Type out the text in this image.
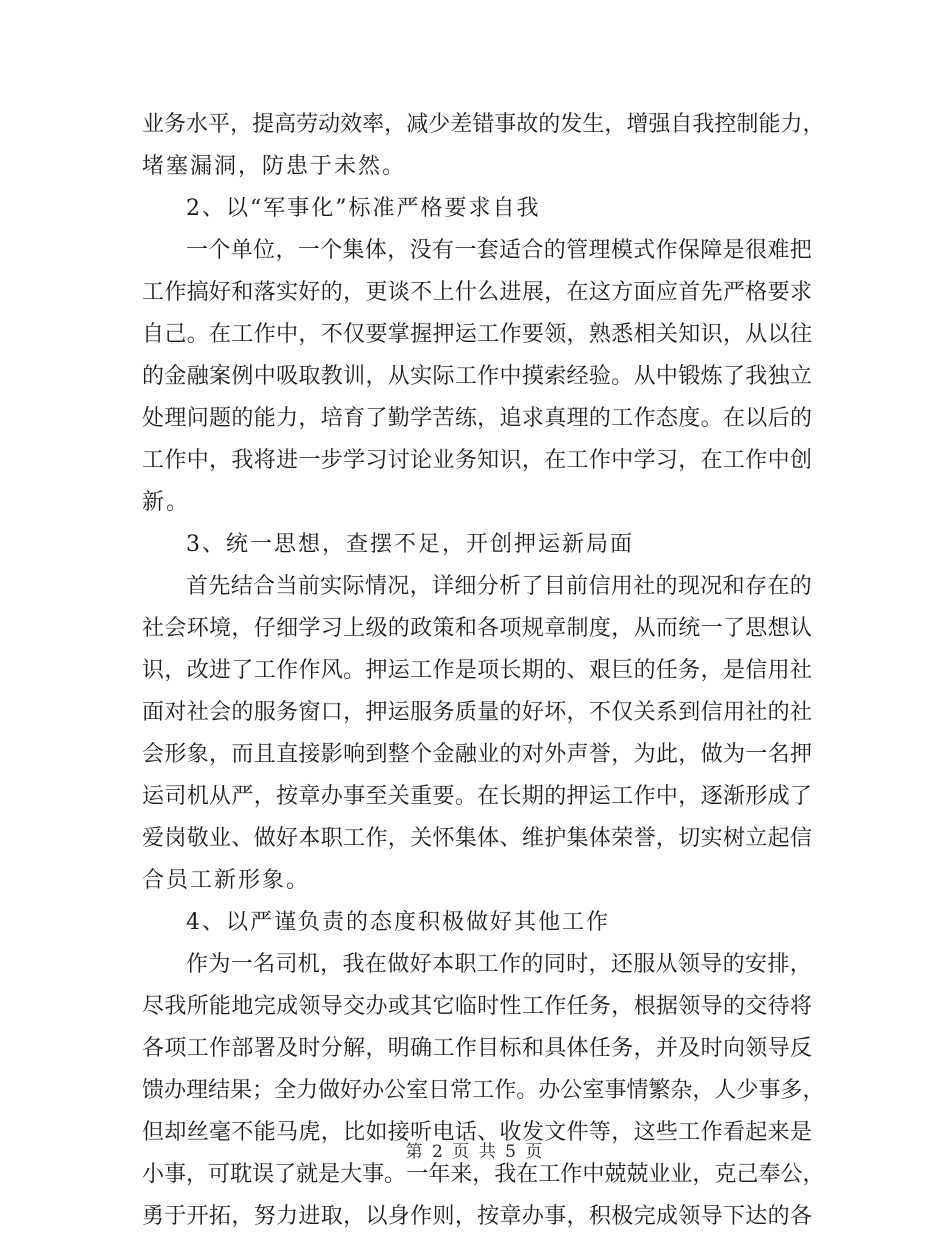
业 务 水 平 ， 提 高 劳 动 效 率 ， 减 少 差 错 事 故 的 发 生 ， 增 强 自 我 控 制 能 力 ，
堵塞漏洞，防患于未然。
2、以“军事化”标准严格要求自我
一 个 单 位 ， 一 个 集 体 ， 没 有 一 套 适 合 的 管 理 模 式 作 保 障 是 很 难 把
工 作 搞 好 和 落 实 好 的 ， 更 谈 不 上 什 么 进 展 ， 在 这 方 面 应 首 先 严 格 要 求
自 己 。 在 工 作 中 ， 不 仅 要 掌 握 押 运 工 作 要 领 ， 熟 悉 相 关 知 识 ， 从 以 往
的 金 融 案 例 中 吸 取 教 训 ， 从 实 际 工 作 中 摸 索 经 验 。 从 中 锻 炼 了 我 独 立
处 理 问 题 的 能 力 ， 培 育 了 勤 学 苦 练 ， 追 求 真 理 的 工 作 态 度 。 在 以 后 的
工 作 中 ， 我 将 进 一 步 学 习 讨 论 业 务 知 识 ， 在 工 作 中 学 习 ， 在 工 作 中 创
新。
3、统一思想，查摆不足，开创押运新局面
首 先 结 合 当 前 实 际 情 况 ， 详 细 分 析 了 目 前 信 用 社 的 现 况 和 存 在 的
社 会 环 境 ， 仔 细 学 习 上 级 的 政 策 和 各 项 规 章 制 度 ， 从 而 统 一 了 思 想 认
识 ， 改 进 了 工 作 作 风 。 押 运 工 作 是 项 长 期 的 、 艰 巨 的 任 务 ， 是 信 用 社
面 对 社 会 的 服 务 窗 口 ， 押 运 服 务 质 量 的 好 坏 ， 不 仅 关 系 到 信 用 社 的 社
会 形 象 ， 而 且 直 接 影 响 到 整 个 金 融 业 的 对 外 声 誉 ， 为 此 ， 做 为 一 名 押
运 司 机 从 严 ， 按 章 办 事 至 关 重 要 。 在 长 期 的 押 运 工 作 中 ， 逐 渐 形 成 了
爱 岗 敬 业 、 做 好 本 职 工 作 ， 关 怀 集 体 、 维 护 集 体 荣 誉 ， 切 实 树 立 起 信
合员工新形象。
4、以严谨负责的态度积极做好其他工作
作 为 一 名 司 机 ， 我 在 做 好 本 职 工 作 的 同 时 ， 还 服 从 领 导 的 安 排 ，
尽 我 所 能 地 完 成 领 导 交 办 或 其 它 临 时 性 工 作 任 务 ， 根 据 领 导 的 交 待 将
各 项 工 作 部 署 及 时 分 解 ， 明 确 工 作 目 标 和 具 体 任 务 ， 并 及 时 向 领 导 反
馈 办 理 结 果 ； 全 力 做 好 办 公 室 日 常 工 作 。 办 公 室 事 情 繁 杂 ， 人 少 事 多 ，
但 却 丝 毫 不 能 马 虎 ， 比 如 接 听 电 话 、 收 发 文 件 等 ， 这 些 工 作 看 起 来 是
小 事 ， 可 耽 误 了 就 是 大 事 。 一 年 来 ， 我 在 工 作 中 兢 兢 业 业 ， 克 己 奉 公 ，
勇 于 开 拓 ， 努 力 进 取 ， 以 身 作 则 ， 按 章 办 事 ， 积 极 完 成 领 导 下 达 的 各
第 2 页 共 5 页
